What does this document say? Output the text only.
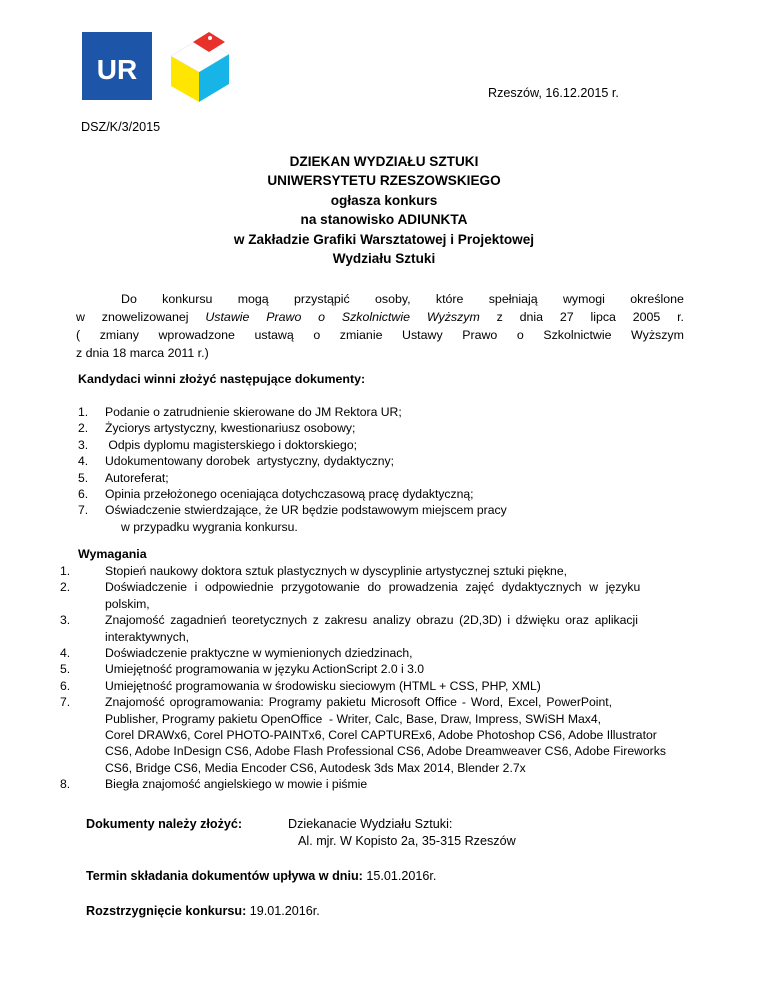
UR
Rzeszów, 16.12.2015 r.
DSZ/K/3/2015
DZIEKAN WYDZIAŁU SZTUKI
UNIWERSYTETU RZESZOWSKIEGO
ogłasza konkurs
na stanowisko ADIUNKTA
w Zakładzie Grafiki Warsztatowej i Projektowej
Wydziału Sztuki
Do konkursu mogą przystąpić osoby, które spełniają wymogi określone
w znowelizowanej Ustawie Prawo o Szkolnictwie Wyższym z dnia 27 lipca 2005 r.
( zmiany wprowadzone ustawą o zmianie Ustawy Prawo o Szkolnictwie Wyższym
z dnia 18 marca 2011 r.)
Kandydaci winni złożyć następujące dokumenty:
1.	Podanie o zatrudnienie skierowane do JM Rektora UR;
2.	Życiorys artystyczny, kwestionariusz osobowy;
3.	Odpis dyplomu magisterskiego i doktorskiego;
4.	Udokumentowany dorobek  artystyczny, dydaktyczny;
5.	Autoreferat;
6.	Opinia przełożonego oceniająca dotychczasową pracę dydaktyczną;
7.	Oświadczenie stwierdzające, że UR będzie podstawowym miejscem pracy
w przypadku wygrania konkursu.
Wymagania
1.	Stopień naukowy doktora sztuk plastycznych w dyscyplinie artystycznej sztuki piękne,
2.	Doświadczenie i odpowiednie przygotowanie do prowadzenia zajęć dydaktycznych w języku
polskim,
3.	Znajomość zagadnień teoretycznych z zakresu analizy obrazu (2D,3D) i dźwięku oraz aplikacji
interaktywnych,
4.	Doświadczenie praktyczne w wymienionych dziedzinach,
5.	Umiejętność programowania w języku ActionScript 2.0 i 3.0
6.	Umiejętność programowania w środowisku sieciowym (HTML + CSS, PHP, XML)
7.	Znajomość oprogramowania: Programy pakietu Microsoft Office - Word, Excel, PowerPoint,
Publisher, Programy pakietu OpenOffice  - Writer, Calc, Base, Draw, Impress, SWiSH Max4,
Corel DRAWx6, Corel PHOTO-PAINTx6, Corel CAPTUREx6, Adobe Photoshop CS6, Adobe Illustrator
CS6, Adobe InDesign CS6, Adobe Flash Professional CS6, Adobe Dreamweaver CS6, Adobe Fireworks
CS6, Bridge CS6, Media Encoder CS6, Autodesk 3ds Max 2014, Blender 2.7x
8.	Biegła znajomość angielskiego w mowie i piśmie
Dokumenty należy złożyć:	Dziekanacie Wydziału Sztuki:
Al. mjr. W Kopisto 2a, 35-315 Rzeszów
Termin składania dokumentów upływa w dniu: 15.01.2016r.
Rozstrzygnięcie konkursu: 19.01.2016r.
